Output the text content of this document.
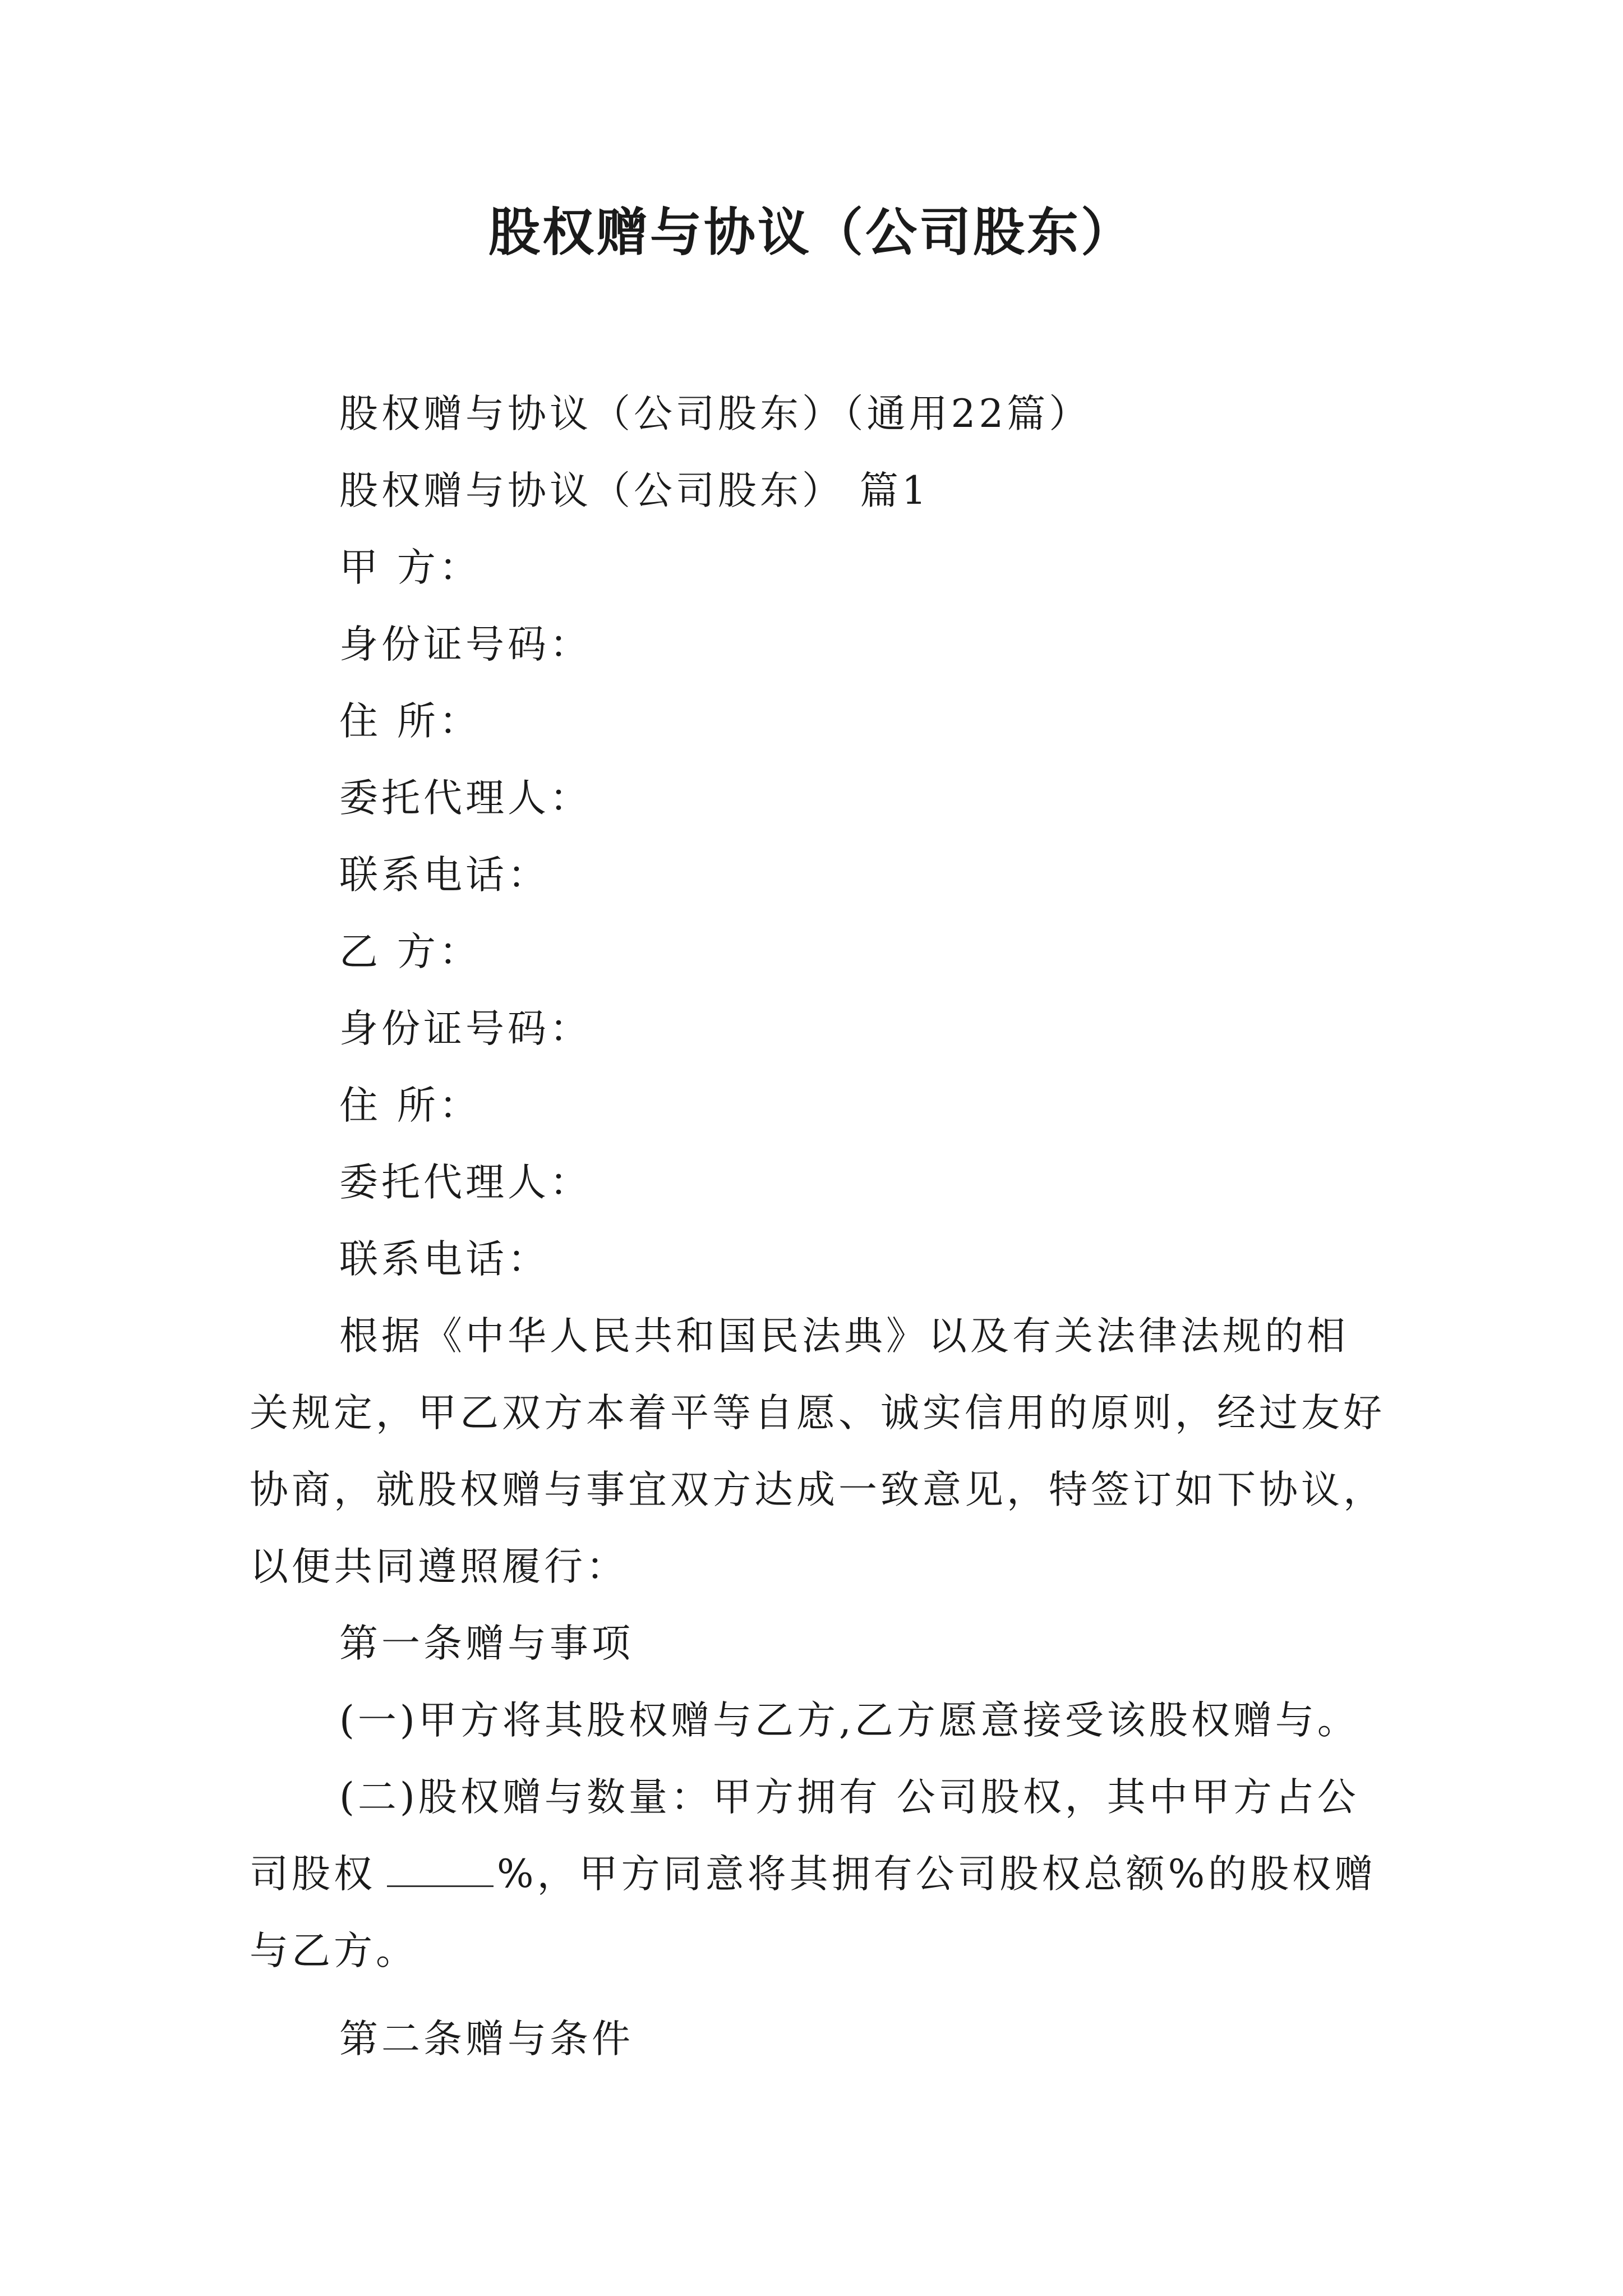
股权赠与协议（公司股东）

股权赠与协议（公司股东）（通用22篇）

股权赠与协议（公司股东） 篇1

甲 方：

身份证号码：

住 所：

委托代理人：

联系电话：

乙 方：

身份证号码：

住 所：

委托代理人：

联系电话：

根据《中华人民共和国民法典》以及有关法律法规的相关规定，甲乙双方本着平等自愿、诚实信用的原则，经过友好协商，就股权赠与事宜双方达成一致意见，特签订如下协议，以便共同遵照履行：

第一条赠与事项

(一)甲方将其股权赠与乙方,乙方愿意接受该股权赠与。

(二)股权赠与数量：甲方拥有 公司股权，其中甲方占公司股权	%，甲方同意将其拥有公司股权总额%的股权赠与乙方。

第二条赠与条件
